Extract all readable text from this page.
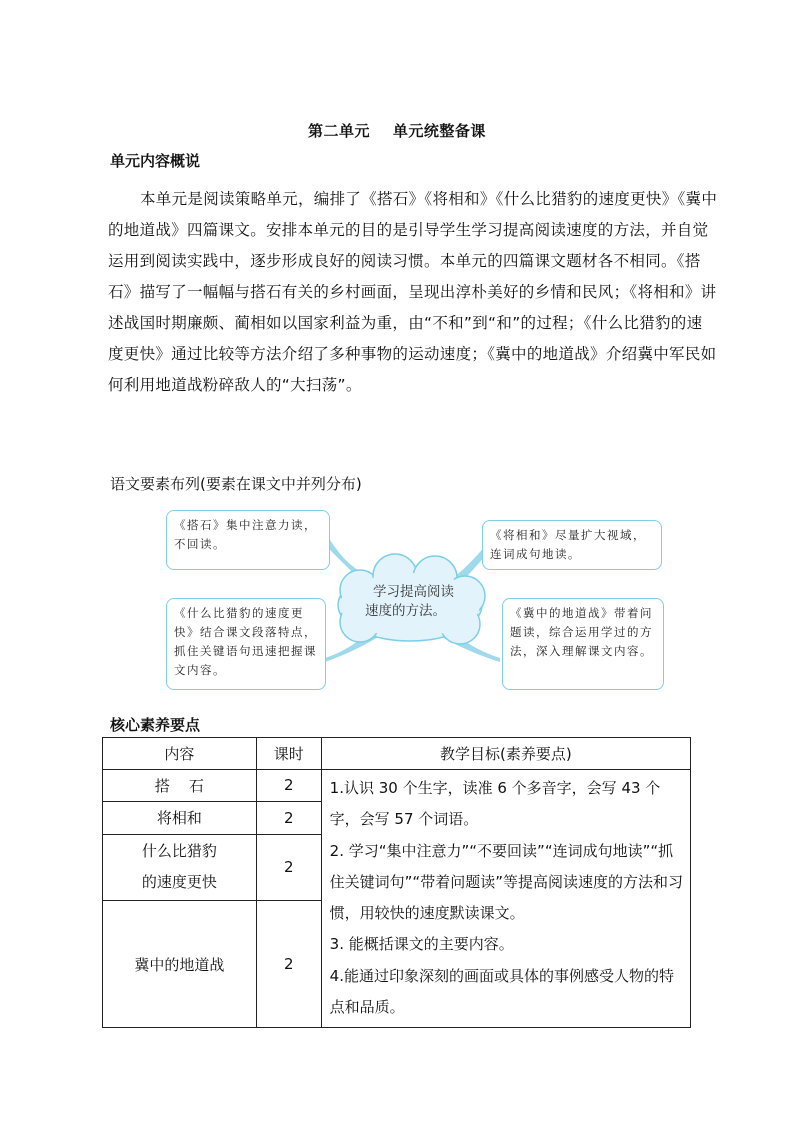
第二单元    单元统整备课
单元内容概说

本单元是阅读策略单元，编排了《搭石》《将相和》《什么比猎豹的速度更快》《冀中的地道战》四篇课文。安排本单元的目的是引导学生学习提高阅读速度的方法，并自觉运用到阅读实践中，逐步形成良好的阅读习惯。本单元的四篇课文题材各不相同。《搭石》描写了一幅幅与搭石有关的乡村画面，呈现出淳朴美好的乡情和民风；《将相和》讲述战国时期廉颇、蔺相如以国家利益为重，由“不和”到“和”的过程；《什么比猎豹的速度更快》通过比较等方法介绍了多种事物的运动速度；《冀中的地道战》介绍冀中军民如何利用地道战粉碎敌人的“大扫荡”。

语文要素布列(要素在课文中并列分布)
学习提高阅读
速度的方法。
《搭石》集中注意力读，不回读。
《将相和》尽量扩大视域，连词成句地读。
《什么比猎豹的速度更快》结合课文段落特点，抓住关键语句迅速把握课文内容。
《冀中的地道战》带着问题读，综合运用学过的方法，深入理解课文内容。
核心素养要点
内容	课时	教学目标(素养要点)
搭    石	2	1.认识 30 个生字，读准 6 个多音字，会写 43 个字，会写 57 个词语。
2. 学习“集中注意力”“不要回读”“连词成句地读”“抓住关键词句”“带着问题读”等提高阅读速度的方法和习惯，用较快的速度默读课文。
3. 能概括课文的主要内容。
4.能通过印象深刻的画面或具体的事例感受人物的特点和品质。

将相和	2	

什么比猎豹
的速度更快	2	
冀中的地道战	2	
